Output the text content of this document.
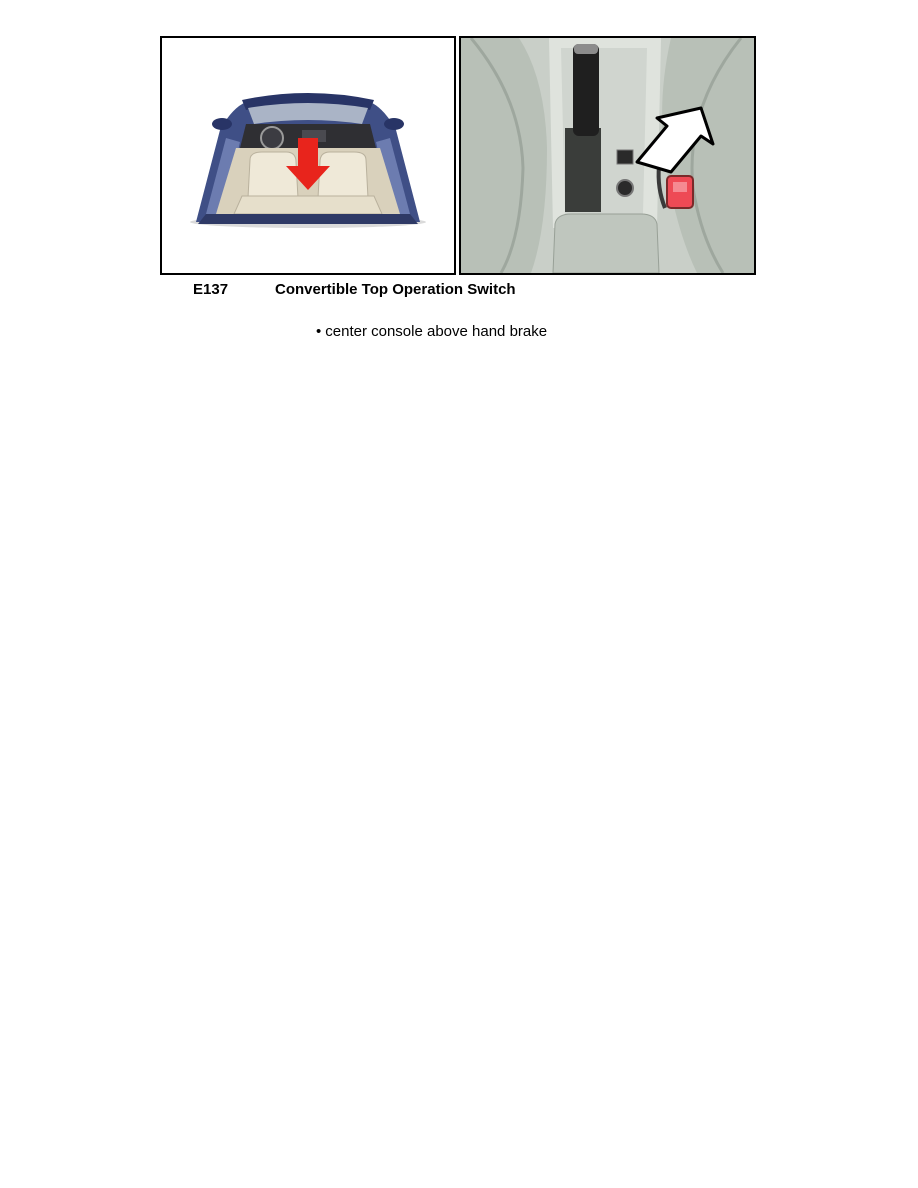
E137	Convertible Top Operation Switch
• center console above hand brake
